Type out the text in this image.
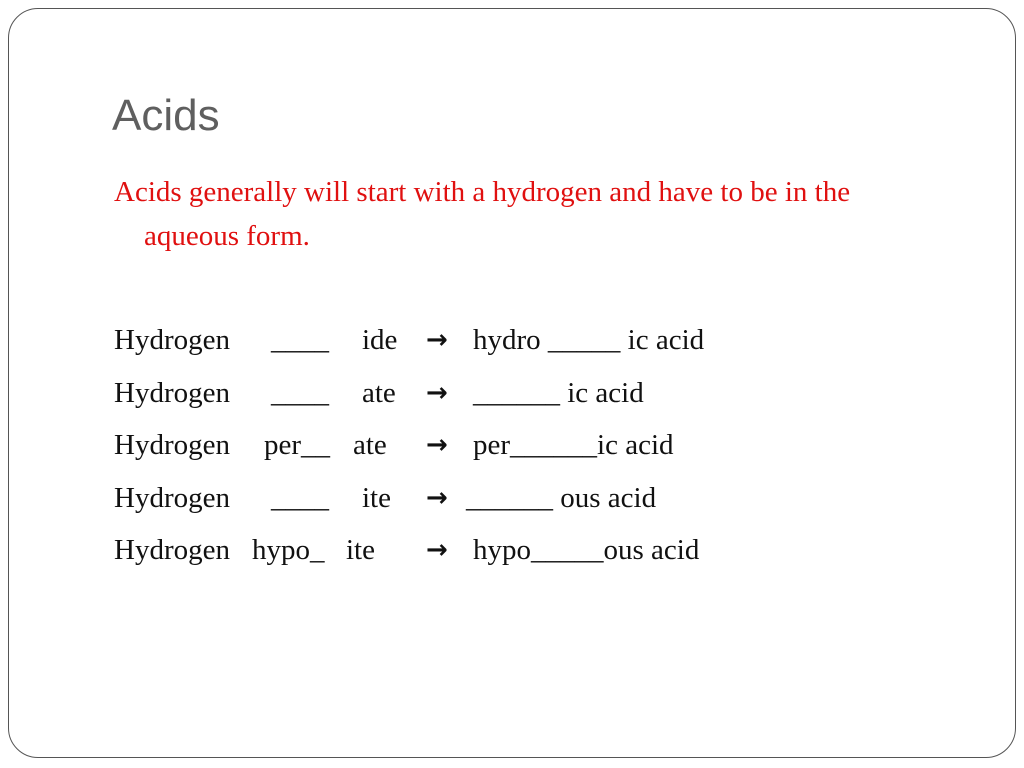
Acids
Acids generally will start with a hydrogen and have to be in the
aqueous form.
Hydrogen ____ ide → hydro _____ ic acid
Hydrogen ____ ate → ______ ic acid
Hydrogen per__ ate → per______ic acid
Hydrogen ____ ite → ______ ous acid
Hydrogen hypo_ ite → hypo_____ous acid
